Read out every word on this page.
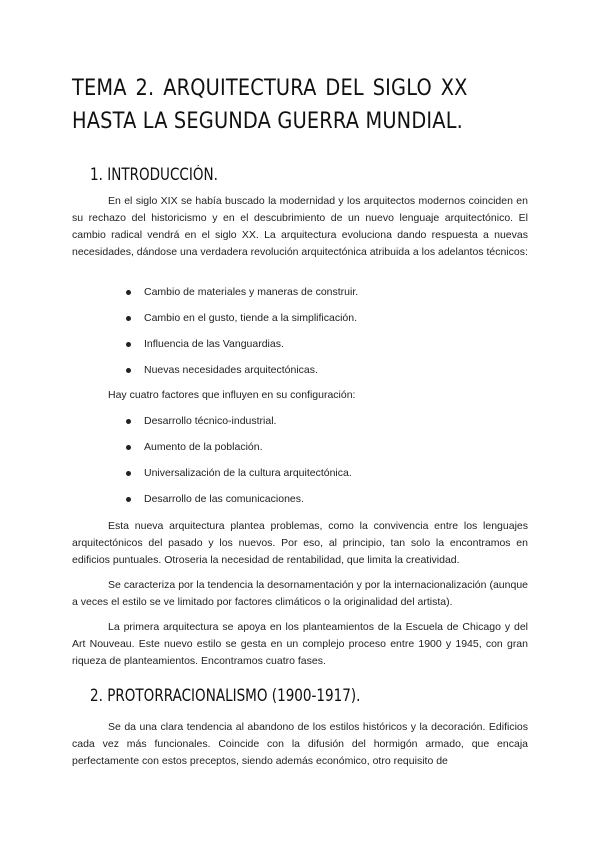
TEMA 2. ARQUITECTURA DEL SIGLO XX HASTA LA SEGUNDA GUERRA MUNDIAL.
1. INTRODUCCIÓN.

En el siglo XIX se había buscado la modernidad y los arquitectos modernos coinciden en su rechazo del historicismo y en el descubrimiento de un nuevo lenguaje arquitectónico. El cambio radical vendrá en el siglo XX. La arquitectura evoluciona dando respuesta a nuevas necesidades, dándose una verdadera revolución arquitectónica atribuida a los adelantos técnicos:

Cambio de materiales y maneras de construir.
Cambio en el gusto, tiende a la simplificación.
Influencia de las Vanguardias.
Nuevas necesidades arquitectónicas.

Hay cuatro factores que influyen en su configuración:

Desarrollo técnico-industrial.
Aumento de la población.
Universalización de la cultura arquitectónica.
Desarrollo de las comunicaciones.

Esta nueva arquitectura plantea problemas, como la convivencia entre los lenguajes arquitectónicos del pasado y los nuevos. Por eso, al principio, tan solo la encontramos en edificios puntuales. Otroseria la necesidad de rentabilidad, que limita la creatividad.

Se caracteriza por la tendencia la desornamentación y por la internacionalización (aunque a veces el estilo se ve limitado por factores climáticos o la originalidad del artista).

La primera arquitectura se apoya en los planteamientos de la Escuela de Chicago y del Art Nouveau. Este nuevo estilo se gesta en un complejo proceso entre 1900 y 1945, con gran riqueza de planteamientos. Encontramos cuatro fases.

2. PROTORRACIONALISMO (1900-1917).

Se da una clara tendencia al abandono de los estilos históricos y la decoración. Edificios cada vez más funcionales. Coincide con la difusión del hormigón armado, que encaja perfectamente con estos preceptos, siendo además económico, otro requisito de
